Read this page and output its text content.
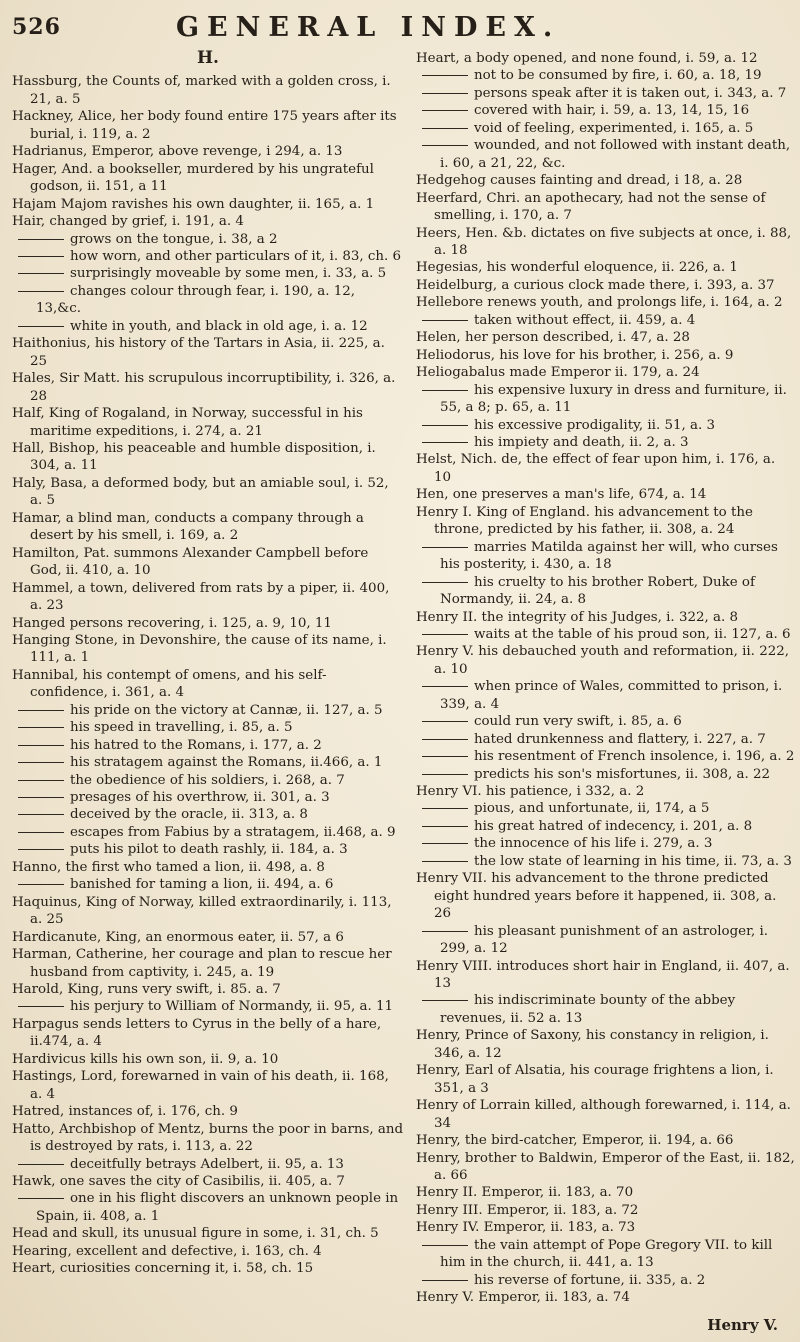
526	GENERAL INDEX.
H.

Hassburg, the Counts of, marked with a golden cross, i. 21, a. 5

Hackney, Alice, her body found entire 175 years after its burial, i. 119, a. 2

Hadrianus, Emperor, above revenge, i 294, a. 13

Hager, And. a bookseller, murdered by his ungrateful godson, ii. 151, a 11

Hajam Majom ravishes his own daughter, ii. 165, a. 1

Hair, changed by grief, i. 191, a. 4

grows on the tongue, i. 38, a 2

how worn, and other particulars of it, i. 83, ch. 6

surprisingly moveable by some men, i. 33, a. 5

changes colour through fear, i. 190, a. 12, 13,&c.

white in youth, and black in old age, i. a. 12

Haithonius, his history of the Tartars in Asia, ii. 225, a. 25

Hales, Sir Matt. his scrupulous incorruptibility, i. 326, a. 28

Half, King of Rogaland, in Norway, successful in his maritime expeditions, i. 274, a. 21

Hall, Bishop, his peaceable and humble disposition, i. 304, a. 11

Haly, Basa, a deformed body, but an amiable soul, i. 52, a. 5

Hamar, a blind man, conducts a company through a desert by his smell, i. 169, a. 2

Hamilton, Pat. summons Alexander Campbell before God, ii. 410, a. 10

Hammel, a town, delivered from rats by a piper, ii. 400, a. 23

Hanged persons recovering, i. 125, a. 9, 10, 11

Hanging Stone, in Devonshire, the cause of its name, i. 111, a. 1

Hannibal, his contempt of omens, and his self-confidence, i. 361, a. 4

his pride on the victory at Cannæ, ii. 127, a. 5

his speed in travelling, i. 85, a. 5

his hatred to the Romans, i. 177, a. 2

his stratagem against the Romans, ii.466, a. 1

the obedience of his soldiers, i. 268, a. 7

presages of his overthrow, ii. 301, a. 3

deceived by the oracle, ii. 313, a. 8

escapes from Fabius by a stratagem, ii.468, a. 9

puts his pilot to death rashly, ii. 184, a. 3

Hanno, the first who tamed a lion, ii. 498, a. 8

banished for taming a lion, ii. 494, a. 6

Haquinus, King of Norway, killed extraordinarily, i. 113, a. 25

Hardicanute, King, an enormous eater, ii. 57, a 6

Harman, Catherine, her courage and plan to rescue her husband from captivity, i. 245, a. 19

Harold, King, runs very swift, i. 85. a. 7

his perjury to William of Normandy, ii. 95, a. 11

Harpagus sends letters to Cyrus in the belly of a hare, ii.474, a. 4

Hardivicus kills his own son, ii. 9, a. 10

Hastings, Lord, forewarned in vain of his death, ii. 168, a. 4

Hatred, instances of, i. 176, ch. 9

Hatto, Archbishop of Mentz, burns the poor in barns, and is destroyed by rats, i. 113, a. 22

deceitfully betrays Adelbert, ii. 95, a. 13

Hawk, one saves the city of Casibilis, ii. 405, a. 7

one in his flight discovers an unknown people in Spain, ii. 408, a. 1

Head and skull, its unusual figure in some, i. 31, ch. 5

Hearing, excellent and defective, i. 163, ch. 4

Heart, curiosities concerning it, i. 58, ch. 15

Heart, a body opened, and none found, i. 59, a. 12

not to be consumed by fire, i. 60, a. 18, 19

persons speak after it is taken out, i. 343, a. 7

covered with hair, i. 59, a. 13, 14, 15, 16

void of feeling, experimented, i. 165, a. 5

wounded, and not followed with instant death, i. 60, a 21, 22, &c.

Hedgehog causes fainting and dread, i 18, a. 28

Heerfard, Chri. an apothecary, had not the sense of smelling, i. 170, a. 7

Heers, Hen. &b. dictates on five subjects at once, i. 88, a. 18

Hegesias, his wonderful eloquence, ii. 226, a. 1

Heidelburg, a curious clock made there, i. 393, a. 37

Hellebore renews youth, and prolongs life, i. 164, a. 2

taken without effect, ii. 459, a. 4

Helen, her person described, i. 47, a. 28

Heliodorus, his love for his brother, i. 256, a. 9

Heliogabalus made Emperor ii. 179, a. 24

his expensive luxury in dress and furniture, ii. 55, a 8; p. 65, a. 11

his excessive prodigality, ii. 51, a. 3

his impiety and death, ii. 2, a. 3

Helst, Nich. de, the effect of fear upon him, i. 176, a. 10

Hen, one preserves a man's life, 674, a. 14

Henry I. King of England. his advancement to the throne, predicted by his father, ii. 308, a. 24

marries Matilda against her will, who curses his posterity, i. 430, a. 18

his cruelty to his brother Robert, Duke of Normandy, ii. 24, a. 8

Henry II. the integrity of his Judges, i. 322, a. 8

waits at the table of his proud son, ii. 127, a. 6

Henry V. his debauched youth and reformation, ii. 222, a. 10

when prince of Wales, committed to prison, i. 339, a. 4

could run very swift, i. 85, a. 6

hated drunkenness and flattery, i. 227, a. 7

his resentment of French insolence, i. 196, a. 2

predicts his son's misfortunes, ii. 308, a. 22

Henry VI. his patience, i 332, a. 2

pious, and unfortunate, ii, 174, a 5

his great hatred of indecency, i. 201, a. 8

the innocence of his life i. 279, a. 3

the low state of learning in his time, ii. 73, a. 3

Henry VII. his advancement to the throne predicted eight hundred years before it happened, ii. 308, a. 26

his pleasant punishment of an astrologer, i. 299, a. 12

Henry VIII. introduces short hair in England, ii. 407, a. 13

his indiscriminate bounty of the abbey revenues, ii. 52 a. 13

Henry, Prince of Saxony, his constancy in religion, i. 346, a. 12

Henry, Earl of Alsatia, his courage frightens a lion, i. 351, a 3

Henry of Lorrain killed, although forewarned, i. 114, a. 34

Henry, the bird-catcher, Emperor, ii. 194, a. 66

Henry, brother to Baldwin, Emperor of the East, ii. 182, a. 66

Henry II. Emperor, ii. 183, a. 70

Henry III. Emperor, ii. 183, a. 72

Henry IV. Emperor, ii. 183, a. 73

the vain attempt of Pope Gregory VII. to kill him in the church, ii. 441, a. 13

his reverse of fortune, ii. 335, a. 2

Henry V. Emperor, ii. 183, a. 74

Henry V.
